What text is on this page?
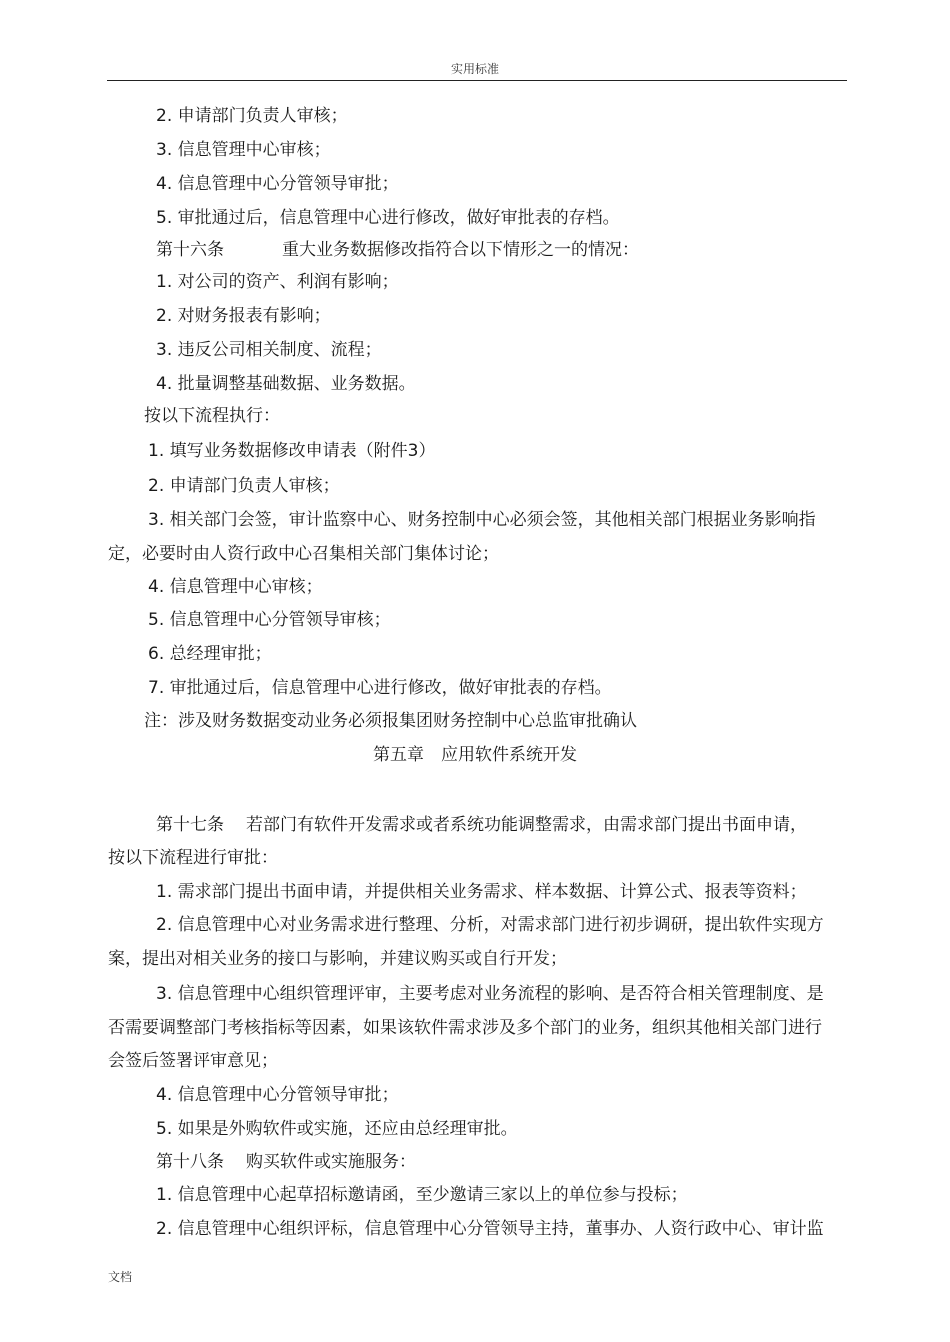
实用标准
2. 申请部门负责人审核；
3. 信息管理中心审核；
4. 信息管理中心分管领导审批；
5. 审批通过后，信息管理中心进行修改，做好审批表的存档。
第十六条	重大业务数据修改指符合以下情形之一的情况：
1. 对公司的资产、利润有影响；
2. 对财务报表有影响；
3. 违反公司相关制度、流程；
4. 批量调整基础数据、业务数据。
按以下流程执行：
1. 填写业务数据修改申请表（附件3）
2. 申请部门负责人审核；
3. 相关部门会签，审计监察中心、财务控制中心必须会签，其他相关部门根据业务影响指
定，必要时由人资行政中心召集相关部门集体讨论；
4. 信息管理中心审核；
5. 信息管理中心分管领导审核；
6. 总经理审批；
7. 审批通过后，信息管理中心进行修改，做好审批表的存档。
注：涉及财务数据变动业务必须报集团财务控制中心总监审批确认
第五章　应用软件系统开发
第十七条 若部门有软件开发需求或者系统功能调整需求，由需求部门提出书面申请，
按以下流程进行审批：
1. 需求部门提出书面申请，并提供相关业务需求、样本数据、计算公式、报表等资料；
2. 信息管理中心对业务需求进行整理、分析，对需求部门进行初步调研，提出软件实现方
案，提出对相关业务的接口与影响，并建议购买或自行开发；
3. 信息管理中心组织管理评审，主要考虑对业务流程的影响、是否符合相关管理制度、是
否需要调整部门考核指标等因素，如果该软件需求涉及多个部门的业务，组织其他相关部门进行
会签后签署评审意见；
4. 信息管理中心分管领导审批；
5. 如果是外购软件或实施，还应由总经理审批。
第十八条 购买软件或实施服务：
1. 信息管理中心起草招标邀请函，至少邀请三家以上的单位参与投标；
2. 信息管理中心组织评标，信息管理中心分管领导主持，董事办、人资行政中心、审计监
文档
